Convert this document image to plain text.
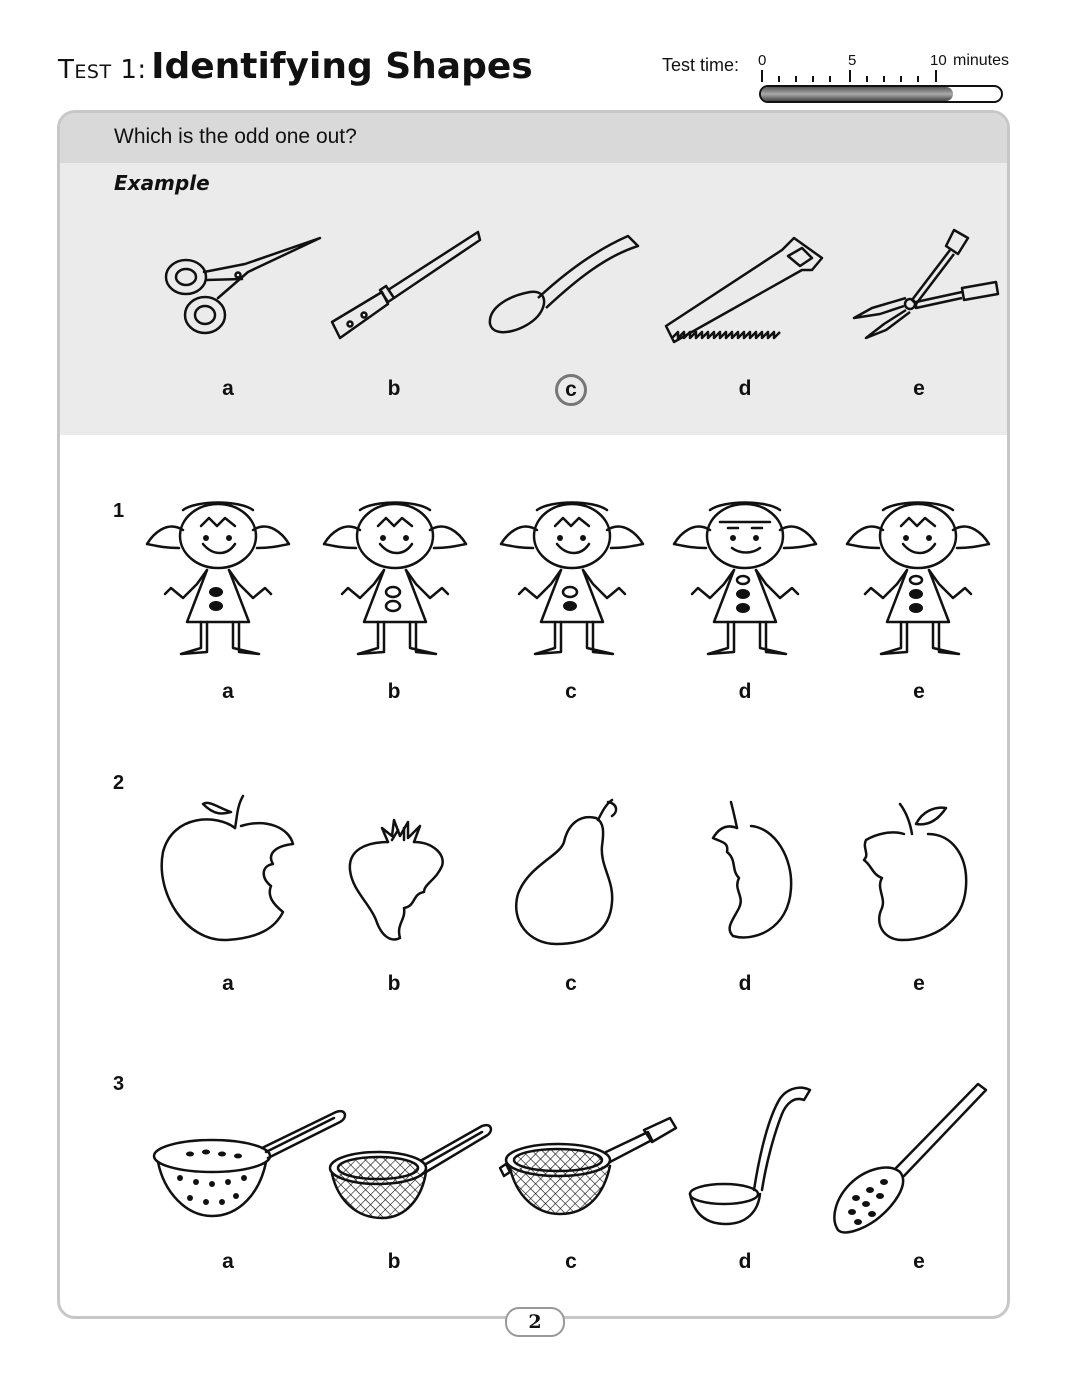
TEST 1: Identifying Shapes	Test time: 0	5	10 minutes
Which is the odd one out?
Example
a	b	c	d	e
1
a	b	c	d	e
2
a	b	c	d	e
3
a	b	c	d	e
2
